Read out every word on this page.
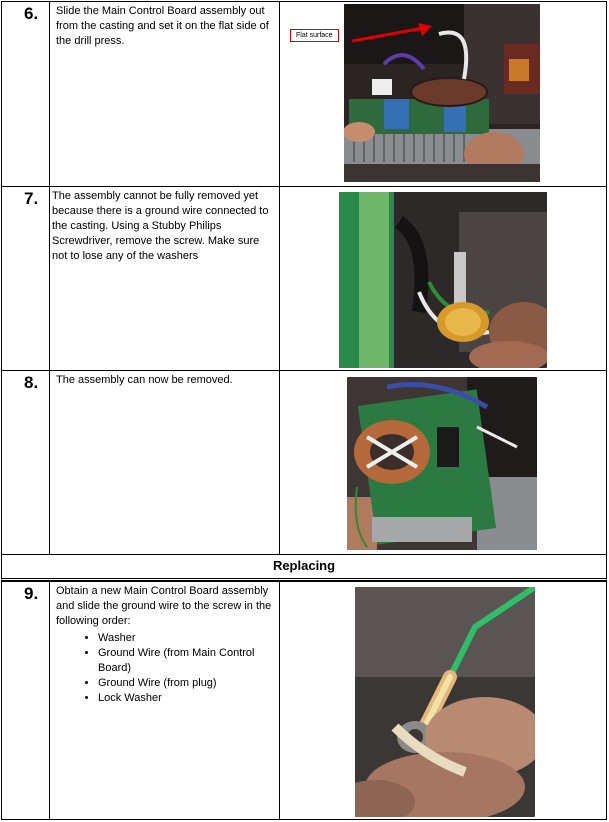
6. Slide the Main Control Board assembly out from the casting and set it on the flat side of the drill press.	Flat surface
7. The assembly cannot be fully removed yet because there is a ground wire connected to the casting. Using a Stubby Philips Screwdriver, remove the screw. Make sure not to lose any of the washers
8. The assembly can now be removed.
Replacing
9. Obtain a new Main Control Board assembly and slide the ground wire to the screw in the following order:
• Washer
• Ground Wire (from Main Control Board)
• Ground Wire (from plug)
• Lock Washer
